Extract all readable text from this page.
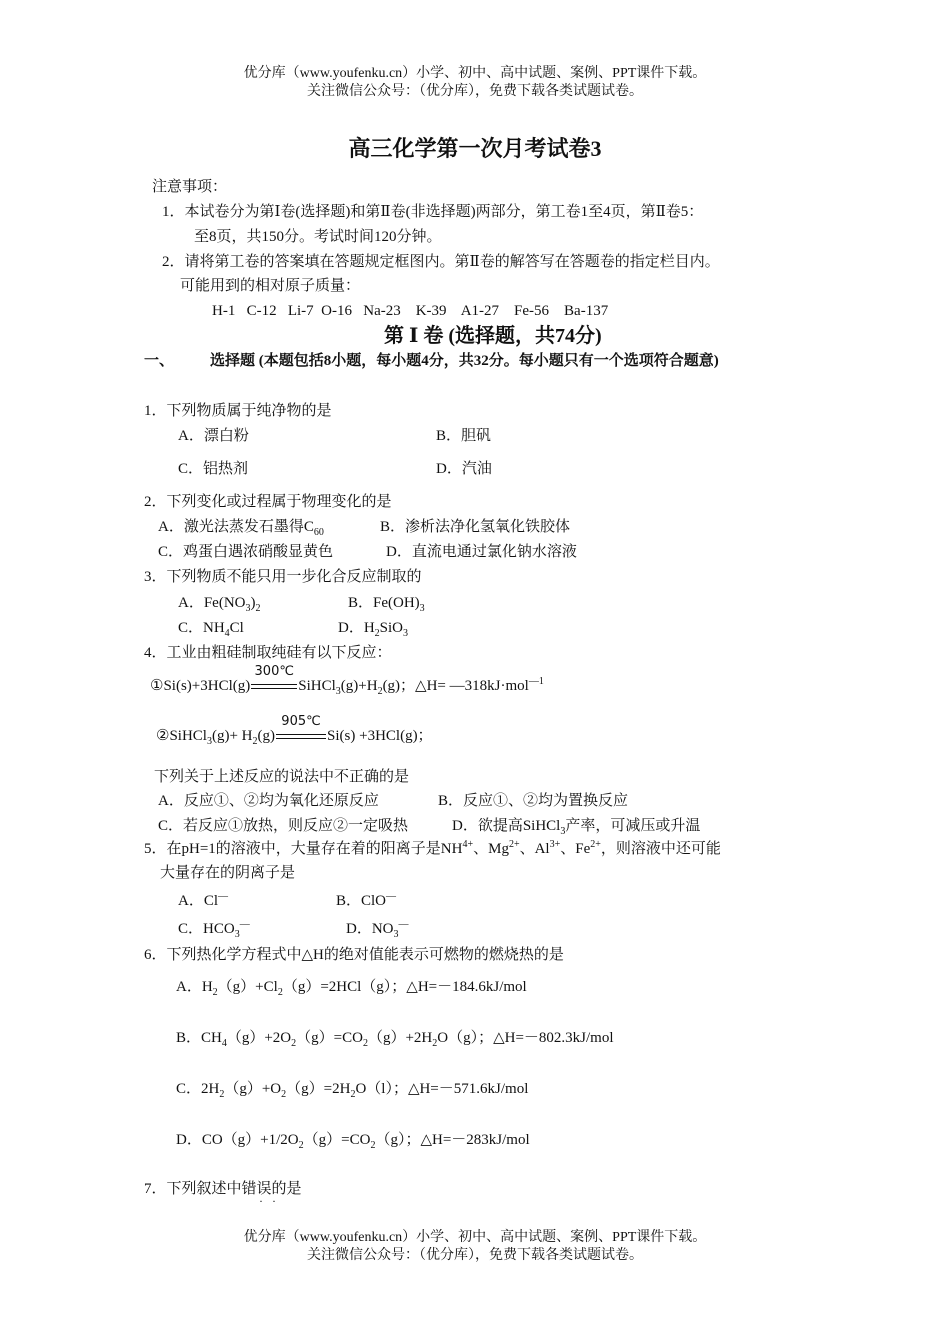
优分库（www.youfenku.cn）小学、初中、高中试题、案例、PPT课件下载。
关注微信公众号：（优分库），免费下载各类试题试卷。
高三化学第一次月考试卷3
注意事项：
1．本试卷分为第Ⅰ卷(选择题)和第Ⅱ卷(非选择题)两部分，第工卷1至4页，第Ⅱ卷5：
至8页，共150分。考试时间120分钟。
2．请将第工卷的答案填在答题规定框图内。第Ⅱ卷的解答写在答题卷的指定栏目内。
可能用到的相对原子质量：
H-1   C-12   Li-7  O-16   Na-23    K-39    A1-27    Fe-56    Ba-137
第 Ⅰ 卷 (选择题，共74分)
一、 选择题 (本题包括8小题，每小题4分，共32分。每小题只有一个选项符合题意)
1．下列物质属于纯净物的是
A．漂白粉	B．胆矾
C．铝热剂	D．汽油
2．下列变化或过程属于物理变化的是
A．激光法蒸发石墨得$C_{60}$	B．渗析法净化氢氧化铁胶体
C．鸡蛋白遇浓硝酸显黄色	D．直流电通过氯化钠水溶液
3．下列物质不能只用一步化合反应制取的
A．$Fe(NO_3)_2$	B．$Fe(OH)_3$
C．$NH_4Cl$	D．$H_2SiO_3$
4．工业由粗硅制取纯硅有以下反应：
①Si(s)+3HCl(g)
300℃
$SiHCl_3(g)+H_2(g)$；△H= —318kJ·mol$^{—1}$
②SiHCl$_3$(g)+ $H_2(g)$
905℃
Si(s) +3HCl(g)；
下列关于上述反应的说法中不正确的是
A．反应①、②均为氧化还原反应	B．反应①、②均为置换反应
C．若反应①放热，则反应②一定吸热	D．欲提高SiHCl$_3$产率，可减压或升温
5．在pH=1的溶液中，大量存在着的阳离子是$NH^{4+}$、$Mg^{2+}$、$Al^{3+}$、$Fe^{2+}$，则溶液中还可能
大量存在的阴离子是
A．Cl—	B．ClO—
C．$HCO_3^—$	D．$NO_3^—$
6．下列热化学方程式中△H的绝对值能表示可燃物的燃烧热的是
A．$H_2(g)+Cl_2(g)=2HCl(g)$；△H=－184.6kJ/mol
B．$CH_4(g)+2O_2(g)=CO_2(g)+2H_2O(g)$；△H=－802.3kJ/mol
C．$2H_2(g)+O_2(g)=2H_2O(l)$；△H=－571.6kJ/mol
D．$CO(g)+1/2O_2(g)=CO_2(g)$；△H=－283kJ/mol
7．下列叙述中错误的是
·   ·
优分库（www.youfenku.cn）小学、初中、高中试题、案例、PPT课件下载。
关注微信公众号：（优分库），免费下载各类试题试卷。
